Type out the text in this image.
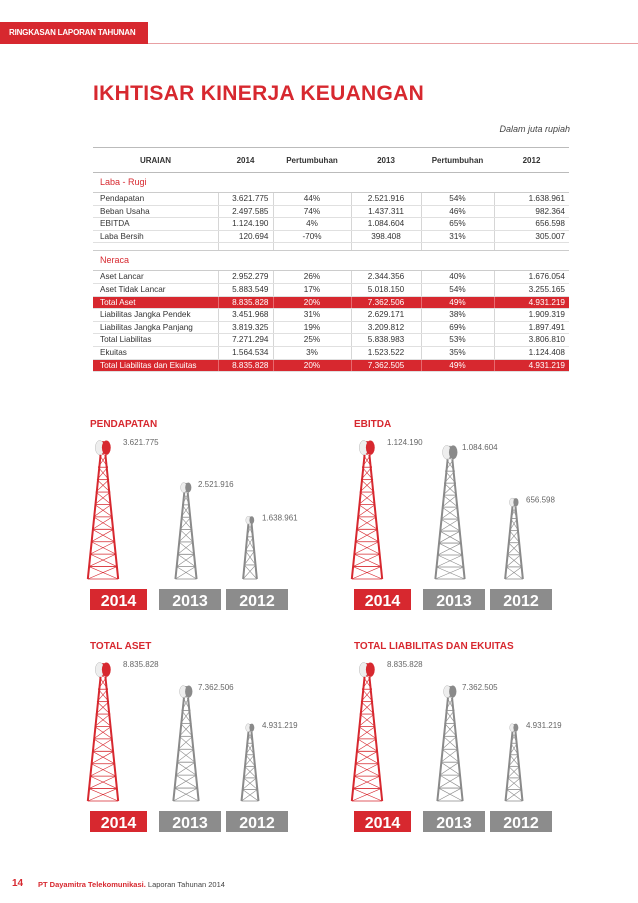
RINGKASAN LAPORAN TAHUNAN
IKHTISAR KINERJA KEUANGAN
Dalam juta rupiah
URAIAN	2014	Pertumbuhan	2013	Pertumbuhan	2012
Laba - Rugi					
Pendapatan	3.621.775	44%	2.521.916	54%	1.638.961
Beban Usaha	2.497.585	74%	1.437.311	46%	982.364
EBITDA	1.124.190	4%	1.084.604	65%	656.598
Laba Bersih	120.694	-70%	398.408	31%	305.007

Neraca					
Aset Lancar	2.952.279	26%	2.344.356	40%	1.676.054
Aset Tidak Lancar	5.883.549	17%	5.018.150	54%	3.255.165
Total Aset	8.835.828	20%	7.362.506	49%	4.931.219
Liabilitas Jangka Pendek	3.451.968	31%	2.629.171	38%	1.909.319
Liabilitas Jangka Panjang	3.819.325	19%	3.209.812	69%	1.897.491
Total Liabilitas	7.271.294	25%	5.838.983	53%	3.806.810
Ekuitas	1.564.534	3%	1.523.522	35%	1.124.408
Total Liabilitas dan Ekuitas	8.835.828	20%	7.362.505	49%	4.931.219
PENDAPATAN
3.621.775
2014
2.521.916
2013
1.638.961
2012
EBITDA
1.124.190
2014
1.084.604
2013
656.598
2012
TOTAL ASET
8.835.828
2014
7.362.506
2013
4.931.219
2012
TOTAL LIABILITAS DAN EKUITAS
8.835.828
2014
7.362.505
2013
4.931.219
2012
14 PT Dayamitra Telekomunikasi. Laporan Tahunan 2014
